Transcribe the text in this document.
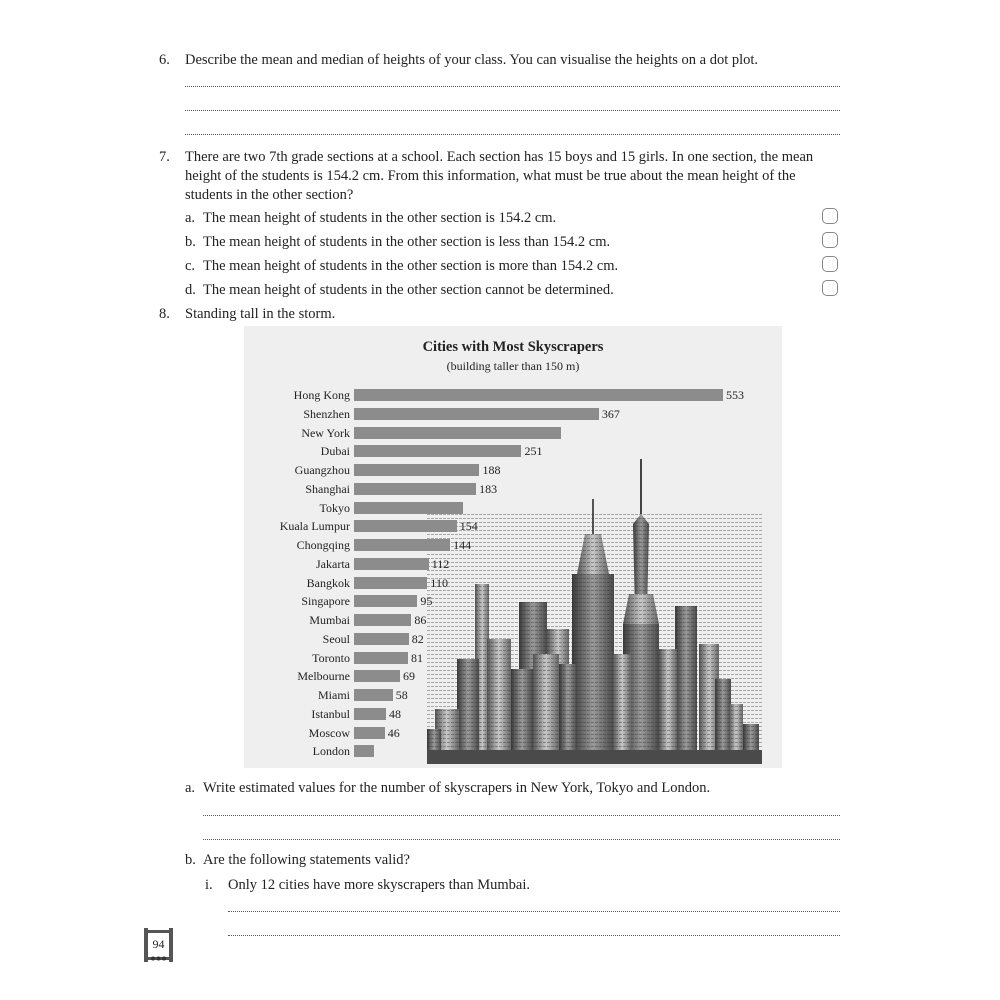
6. Describe the mean and median of heights of your class. You can visualise the heights on a dot plot.
7. There are two 7th grade sections at a school. Each section has 15 boys and 15 girls. In one section, the mean height of the students is 154.2 cm. From this information, what must be true about the mean height of the students in the other section?
a. The mean height of students in the other section is 154.2 cm.
b. The mean height of students in the other section is less than 154.2 cm.
c. The mean height of students in the other section is more than 154.2 cm.
d. The mean height of students in the other section cannot be determined.
8. Standing tall in the storm.
Cities with Most Skyscrapers
(building taller than 150 m)
Hong Kong	553
Shenzhen	367
New York
Dubai	251
Guangzhou	188
Shanghai	183
Tokyo
Kuala Lumpur	154
Chongqing	144
Jakarta	112
Bangkok	110
Singapore	95
Mumbai	86
Seoul	82
Toronto	81
Melbourne	69
Miami	58
Istanbul	48
Moscow	46
London
a. Write estimated values for the number of skyscrapers in New York, Tokyo and London.
b. Are the following statements valid?
i. Only 12 cities have more skyscrapers than Mumbai.
94
